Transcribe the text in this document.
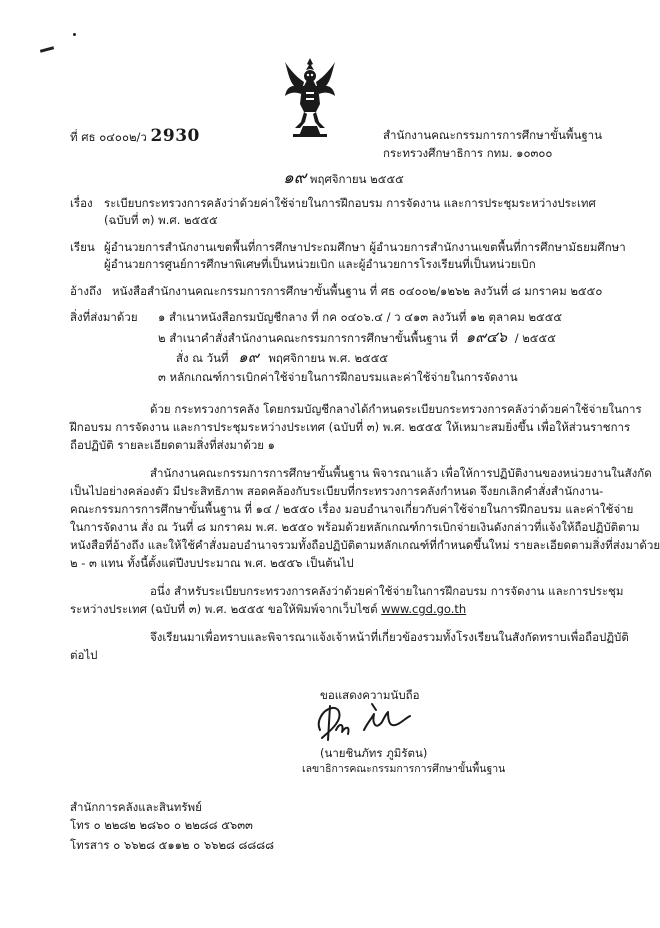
ที่ ศธ ๐๔๐๐๒/ว 2930	สำนักงานคณะกรรมการการศึกษาขั้นพื้นฐาน
กระทรวงศึกษาธิการ กทม. ๑๐๓๐๐
๑๙ พฤศจิกายน ๒๕๕๕
เรื่อง ระเบียบกระทรวงการคลังว่าด้วยค่าใช้จ่ายในการฝึกอบรม การจัดงาน และการประชุมระหว่างประเทศ
(ฉบับที่ ๓) พ.ศ. ๒๕๕๕
เรียน ผู้อำนวยการสำนักงานเขตพื้นที่การศึกษาประถมศึกษา ผู้อำนวยการสำนักงานเขตพื้นที่การศึกษามัธยมศึกษา
ผู้อำนวยการศูนย์การศึกษาพิเศษที่เป็นหน่วยเบิก และผู้อำนวยการโรงเรียนที่เป็นหน่วยเบิก
อ้างถึง หนังสือสำนักงานคณะกรรมการการศึกษาขั้นพื้นฐาน ที่ ศธ ๐๔๐๐๒/๑๒๖๒ ลงวันที่ ๘ มกราคม ๒๕๕๐
สิ่งที่ส่งมาด้วย ๑ สำเนาหนังสือกรมบัญชีกลาง ที่ กค ๐๔๐๖.๔ / ว ๔๑๓ ลงวันที่ ๑๒ ตุลาคม ๒๕๕๕
๒ สำเนาคำสั่งสำนักงานคณะกรรมการการศึกษาขั้นพื้นฐาน ที่ ๑๙๔๖ / ๒๕๕๕
สั่ง ณ วันที่ ๑๙ พฤศจิกายน พ.ศ. ๒๕๕๕
๓ หลักเกณฑ์การเบิกค่าใช้จ่ายในการฝึกอบรมและค่าใช้จ่ายในการจัดงาน
ด้วย กระทรวงการคลัง โดยกรมบัญชีกลางได้กำหนดระเบียบกระทรวงการคลังว่าด้วยค่าใช้จ่ายในการ
ฝึกอบรม การจัดงาน และการประชุมระหว่างประเทศ (ฉบับที่ ๓) พ.ศ. ๒๕๕๕ ให้เหมาะสมยิ่งขึ้น เพื่อให้ส่วนราชการ
ถือปฏิบัติ รายละเอียดตามสิ่งที่ส่งมาด้วย ๑
สำนักงานคณะกรรมการการศึกษาขั้นพื้นฐาน พิจารณาแล้ว เพื่อให้การปฏิบัติงานของหน่วยงานในสังกัด
เป็นไปอย่างคล่องตัว มีประสิทธิภาพ สอดคล้องกับระเบียบที่กระทรวงการคลังกำหนด จึงยกเลิกคำสั่งสำนักงาน-
คณะกรรมการการศึกษาขั้นพื้นฐาน ที่ ๑๔ / ๒๕๕๐ เรื่อง มอบอำนาจเกี่ยวกับค่าใช้จ่ายในการฝึกอบรม และค่าใช้จ่าย
ในการจัดงาน สั่ง ณ วันที่ ๘ มกราคม พ.ศ. ๒๕๕๐ พร้อมด้วยหลักเกณฑ์การเบิกจ่ายเงินดังกล่าวที่แจ้งให้ถือปฏิบัติตาม
หนังสือที่อ้างถึง และให้ใช้คำสั่งมอบอำนาจรวมทั้งถือปฏิบัติตามหลักเกณฑ์ที่กำหนดขึ้นใหม่ รายละเอียดตามสิ่งที่ส่งมาด้วย
๒ - ๓ แทน ทั้งนี้ตั้งแต่ปีงบประมาณ พ.ศ. ๒๕๕๖ เป็นต้นไป
อนึ่ง สำหรับระเบียบกระทรวงการคลังว่าด้วยค่าใช้จ่ายในการฝึกอบรม การจัดงาน และการประชุม
ระหว่างประเทศ (ฉบับที่ ๓) พ.ศ. ๒๕๕๕ ขอให้พิมพ์จากเว็บไซต์ www.cgd.go.th
จึงเรียนมาเพื่อทราบและพิจารณาแจ้งเจ้าหน้าที่เกี่ยวข้องรวมทั้งโรงเรียนในสังกัดทราบเพื่อถือปฏิบัติ
ต่อไป
ขอแสดงความนับถือ
(นายชินภัทร ภูมิรัตน)
เลขาธิการคณะกรรมการการศึกษาขั้นพื้นฐาน
สำนักการคลังและสินทรัพย์
โทร ๐ ๒๒๘๒ ๒๘๖๐ ๐ ๒๒๘๘ ๕๖๓๓
โทรสาร ๐ ๖๖๒๘ ๕๑๑๒ ๐ ๖๖๒๘ ๘๘๘๘
